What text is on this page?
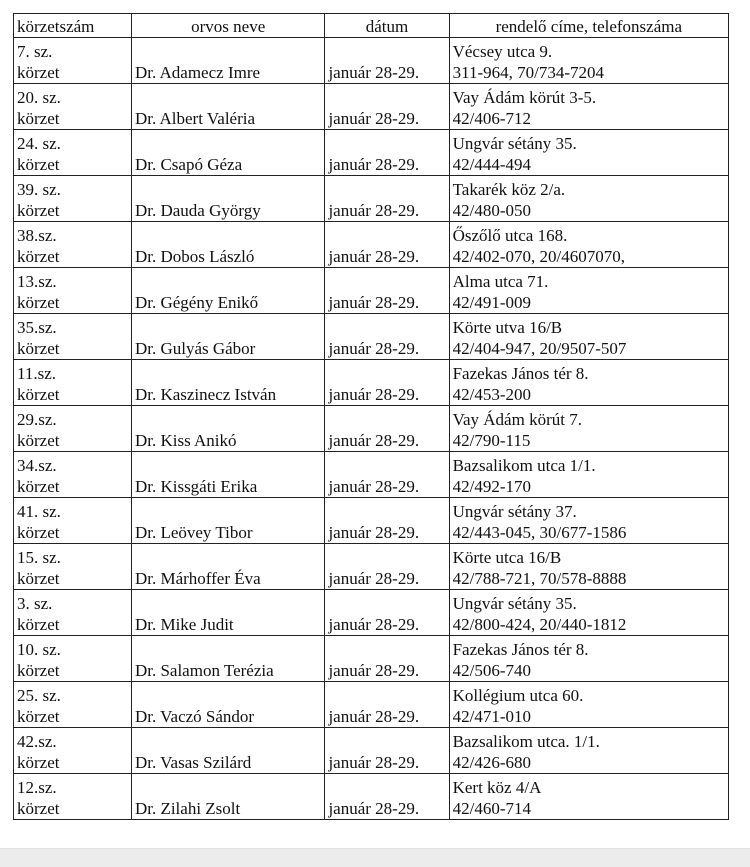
körzetszám	orvos neve	dátum	rendelő címe, telefonszáma

7. sz.
körzet	Dr. Adamecz Imre	január 28-29.	Vécsey utca 9.
311-964, 70/734-7204

20. sz.
körzet	Dr. Albert Valéria	január 28-29.	Vay Ádám körút 3-5.
42/406-712

24. sz.
körzet	Dr. Csapó Géza	január 28-29.	Ungvár sétány 35.
42/444-494

39. sz.
körzet	Dr. Dauda György	január 28-29.	Takarék köz 2/a.
42/480-050

38.sz.
körzet	Dr. Dobos László	január 28-29.	Őszőlő utca 168.
42/402-070, 20/4607070,

13.sz.
körzet	Dr. Gégény Enikő	január 28-29.	Alma utca 71.
42/491-009

35.sz.
körzet	Dr. Gulyás Gábor	január 28-29.	Körte utva 16/B
42/404-947, 20/9507-507

11.sz.
körzet	Dr. Kaszinecz István	január 28-29.	Fazekas János tér 8.
42/453-200

29.sz.
körzet	Dr. Kiss Anikó	január 28-29.	Vay Ádám körút 7.
42/790-115

34.sz.
körzet	Dr. Kissgáti Erika	január 28-29.	Bazsalikom utca 1/1.
42/492-170

41. sz.
körzet	Dr. Leövey Tibor	január 28-29.	Ungvár sétány 37.
42/443-045, 30/677-1586

15. sz.
körzet	Dr. Márhoffer Éva	január 28-29.	Körte utca 16/B
42/788-721, 70/578-8888

3. sz.
körzet	Dr. Mike Judit	január 28-29.	Ungvár sétány 35.
42/800-424, 20/440-1812

10. sz.
körzet	Dr. Salamon Terézia	január 28-29.	Fazekas János tér 8.
42/506-740

25. sz.
körzet	Dr. Vaczó Sándor	január 28-29.	Kollégium utca 60.
42/471-010

42.sz.
körzet	Dr. Vasas Szilárd	január 28-29.	Bazsalikom utca. 1/1.
42/426-680

12.sz.
körzet	Dr. Zilahi Zsolt	január 28-29.	Kert köz 4/A
42/460-714
